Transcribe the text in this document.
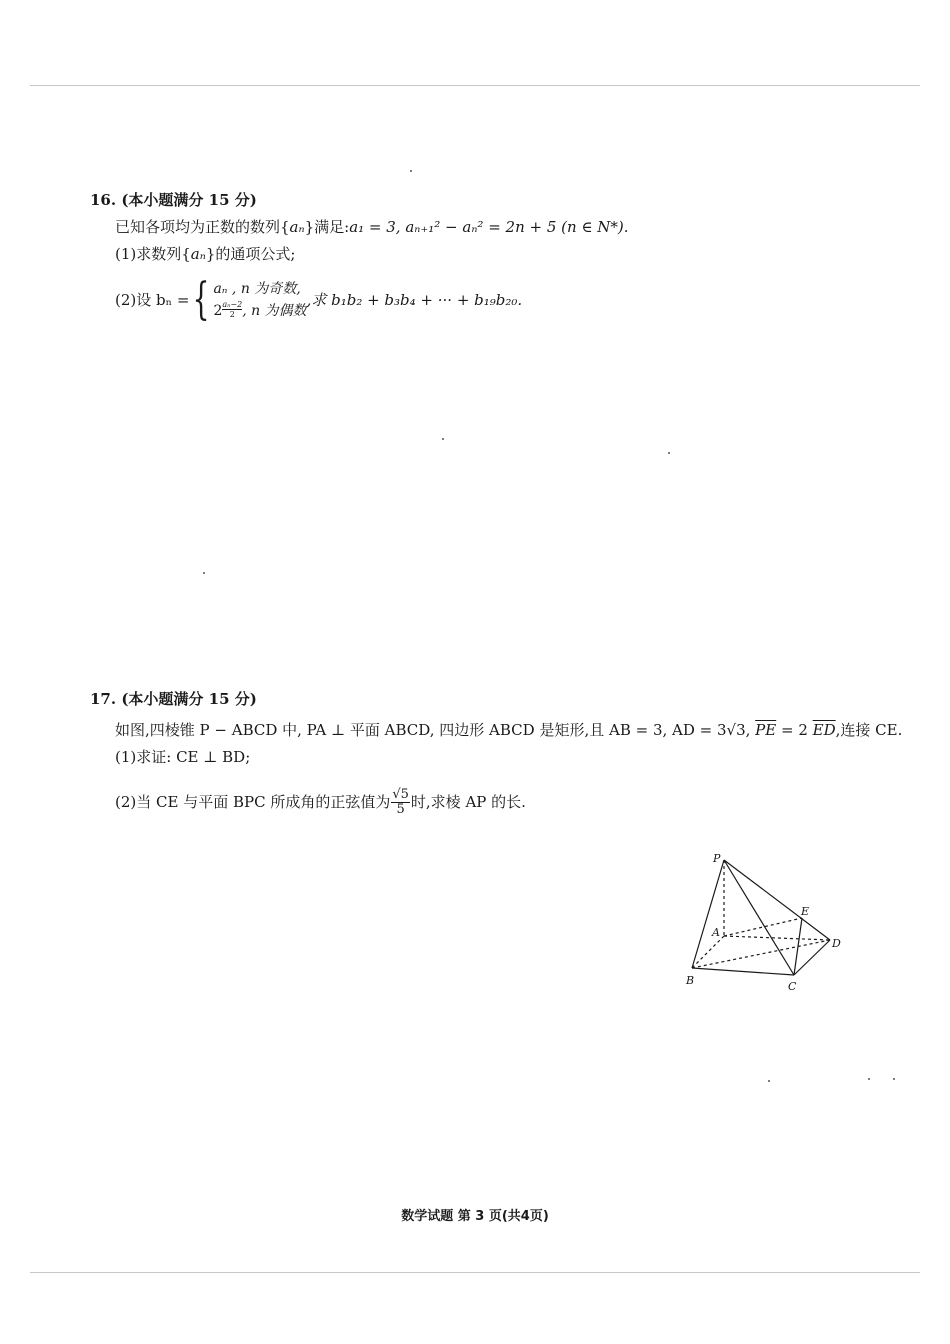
16. (本小题满分 15 分)
已知各项均为正数的数列{aₙ}满足:a₁ = 3, aₙ₊₁² − aₙ² = 2n + 5 (n ∈ N*).
(1)求数列{aₙ}的通项公式;
(2)设 bₙ = { aₙ , n 为奇数,
2 $^{\frac{\text{aₙ−2}}{2}}$ , n 为偶数
,求 b₁b₂ + b₃b₄ + ··· + b₁₉b₂₀.
17. (本小题满分 15 分)
如图,四棱锥 P − ABCD 中, PA ⊥ 平面 ABCD, 四边形 ABCD 是矩形,且 AB = 3, AD = 3√3, $\overline{PE} = 2$ $\overline{ED}$,连接 CE.
(1)求证: CE ⊥ BD;
(2)当 CE 与平面 BPC 所成角的正弦值为 $\frac{√5}{5}$ 时,求棱 AP 的长.
P
A
B	C
D
E
数学试题 第 3 页(共4页)
